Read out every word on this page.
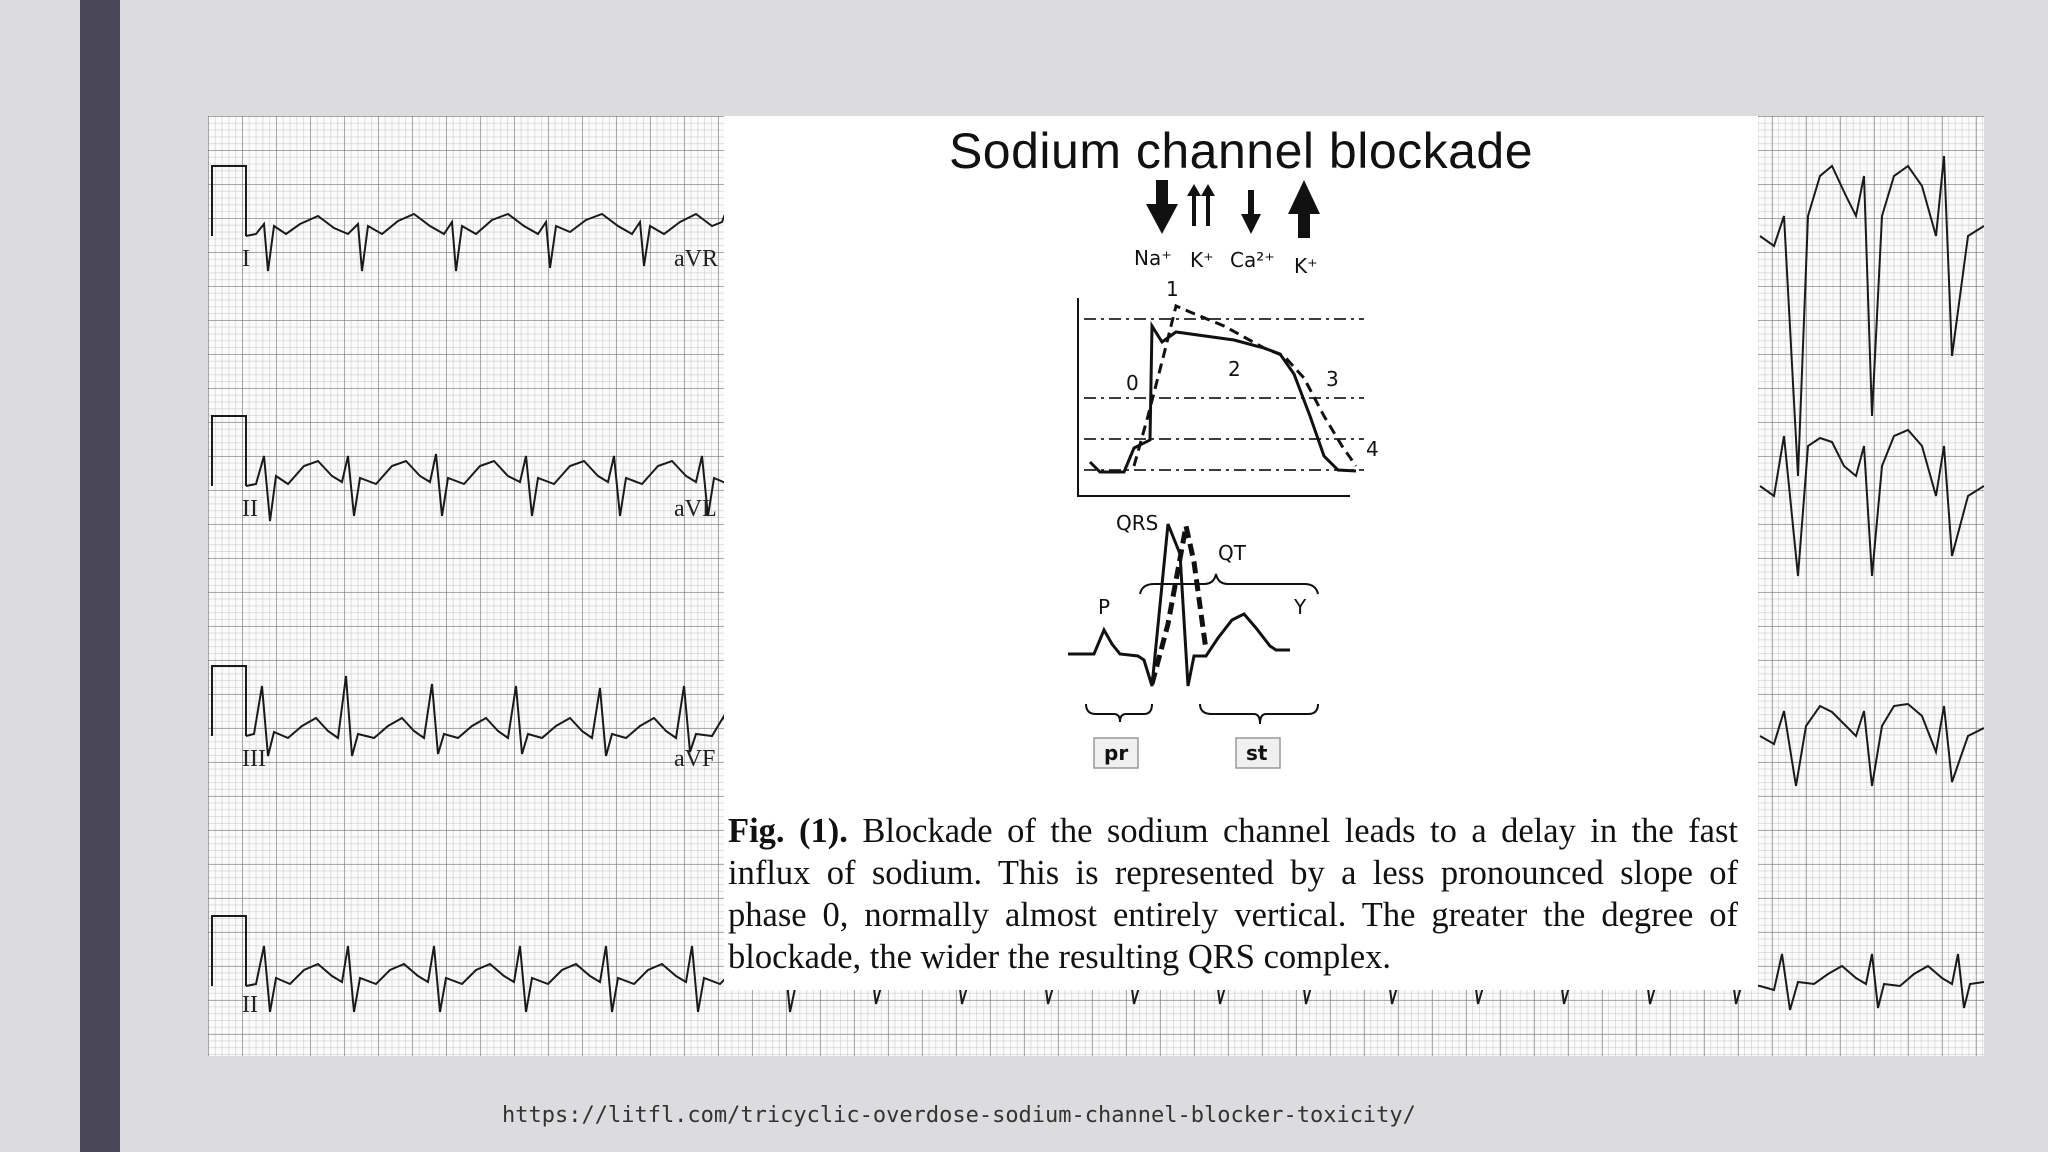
I	aVR
II	aVL
III	aVF
II
Sodium channel blockade
Na⁺ K⁺ Ca²⁺ K⁺
1
0
2	3
4
QRS
QT
P	Y
pr	st
Fig. (1). Blockade of the sodium channel leads to a delay in the fast influx of sodium. This is represented by a less pronounced slope of phase 0, normally almost entirely vertical. The greater the degree of blockade, the wider the resulting QRS complex.
https://litfl.com/tricyclic-overdose-sodium-channel-blocker-toxicity/
